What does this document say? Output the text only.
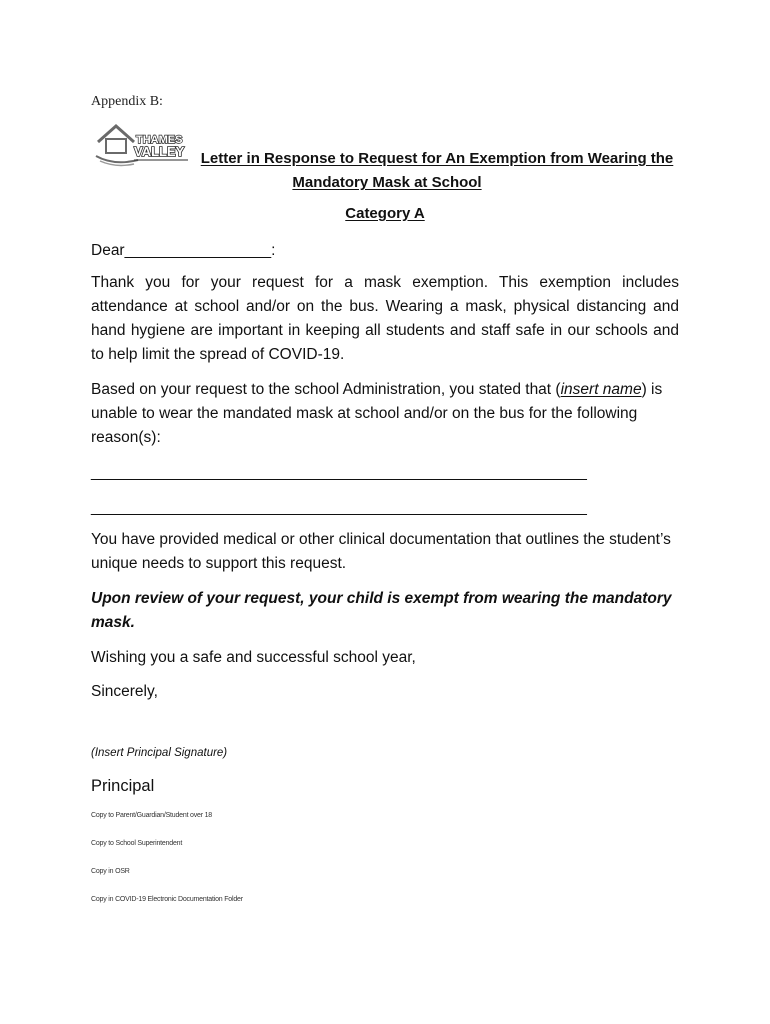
Appendix B:
THAMES
VALLEY	Letter in Response to Request for An Exemption from Wearing the
Mandatory Mask at School
Category A
Dear_________________:
Thank you for your request for a mask exemption. This exemption includes attendance at school and/or on the bus. Wearing a mask, physical distancing and hand hygiene are important in keeping all students and staff safe in our schools and to help limit the spread of COVID-19.
Based on your request to the school Administration, you stated that (insert name) is unable to wear the mandated mask at school and/or on the bus for the following reason(s):
_____________________________________________________________
_____________________________________________________________
You have provided medical or other clinical documentation that outlines the student’s unique needs to support this request.
Upon review of your request, your child is exempt from wearing the mandatory mask.
Wishing you a safe and successful school year,
Sincerely,
(Insert Principal Signature)
Principal
Copy to Parent/Guardian/Student over 18
Copy to School Superintendent
Copy in OSR
Copy in COVID-19 Electronic Documentation Folder
